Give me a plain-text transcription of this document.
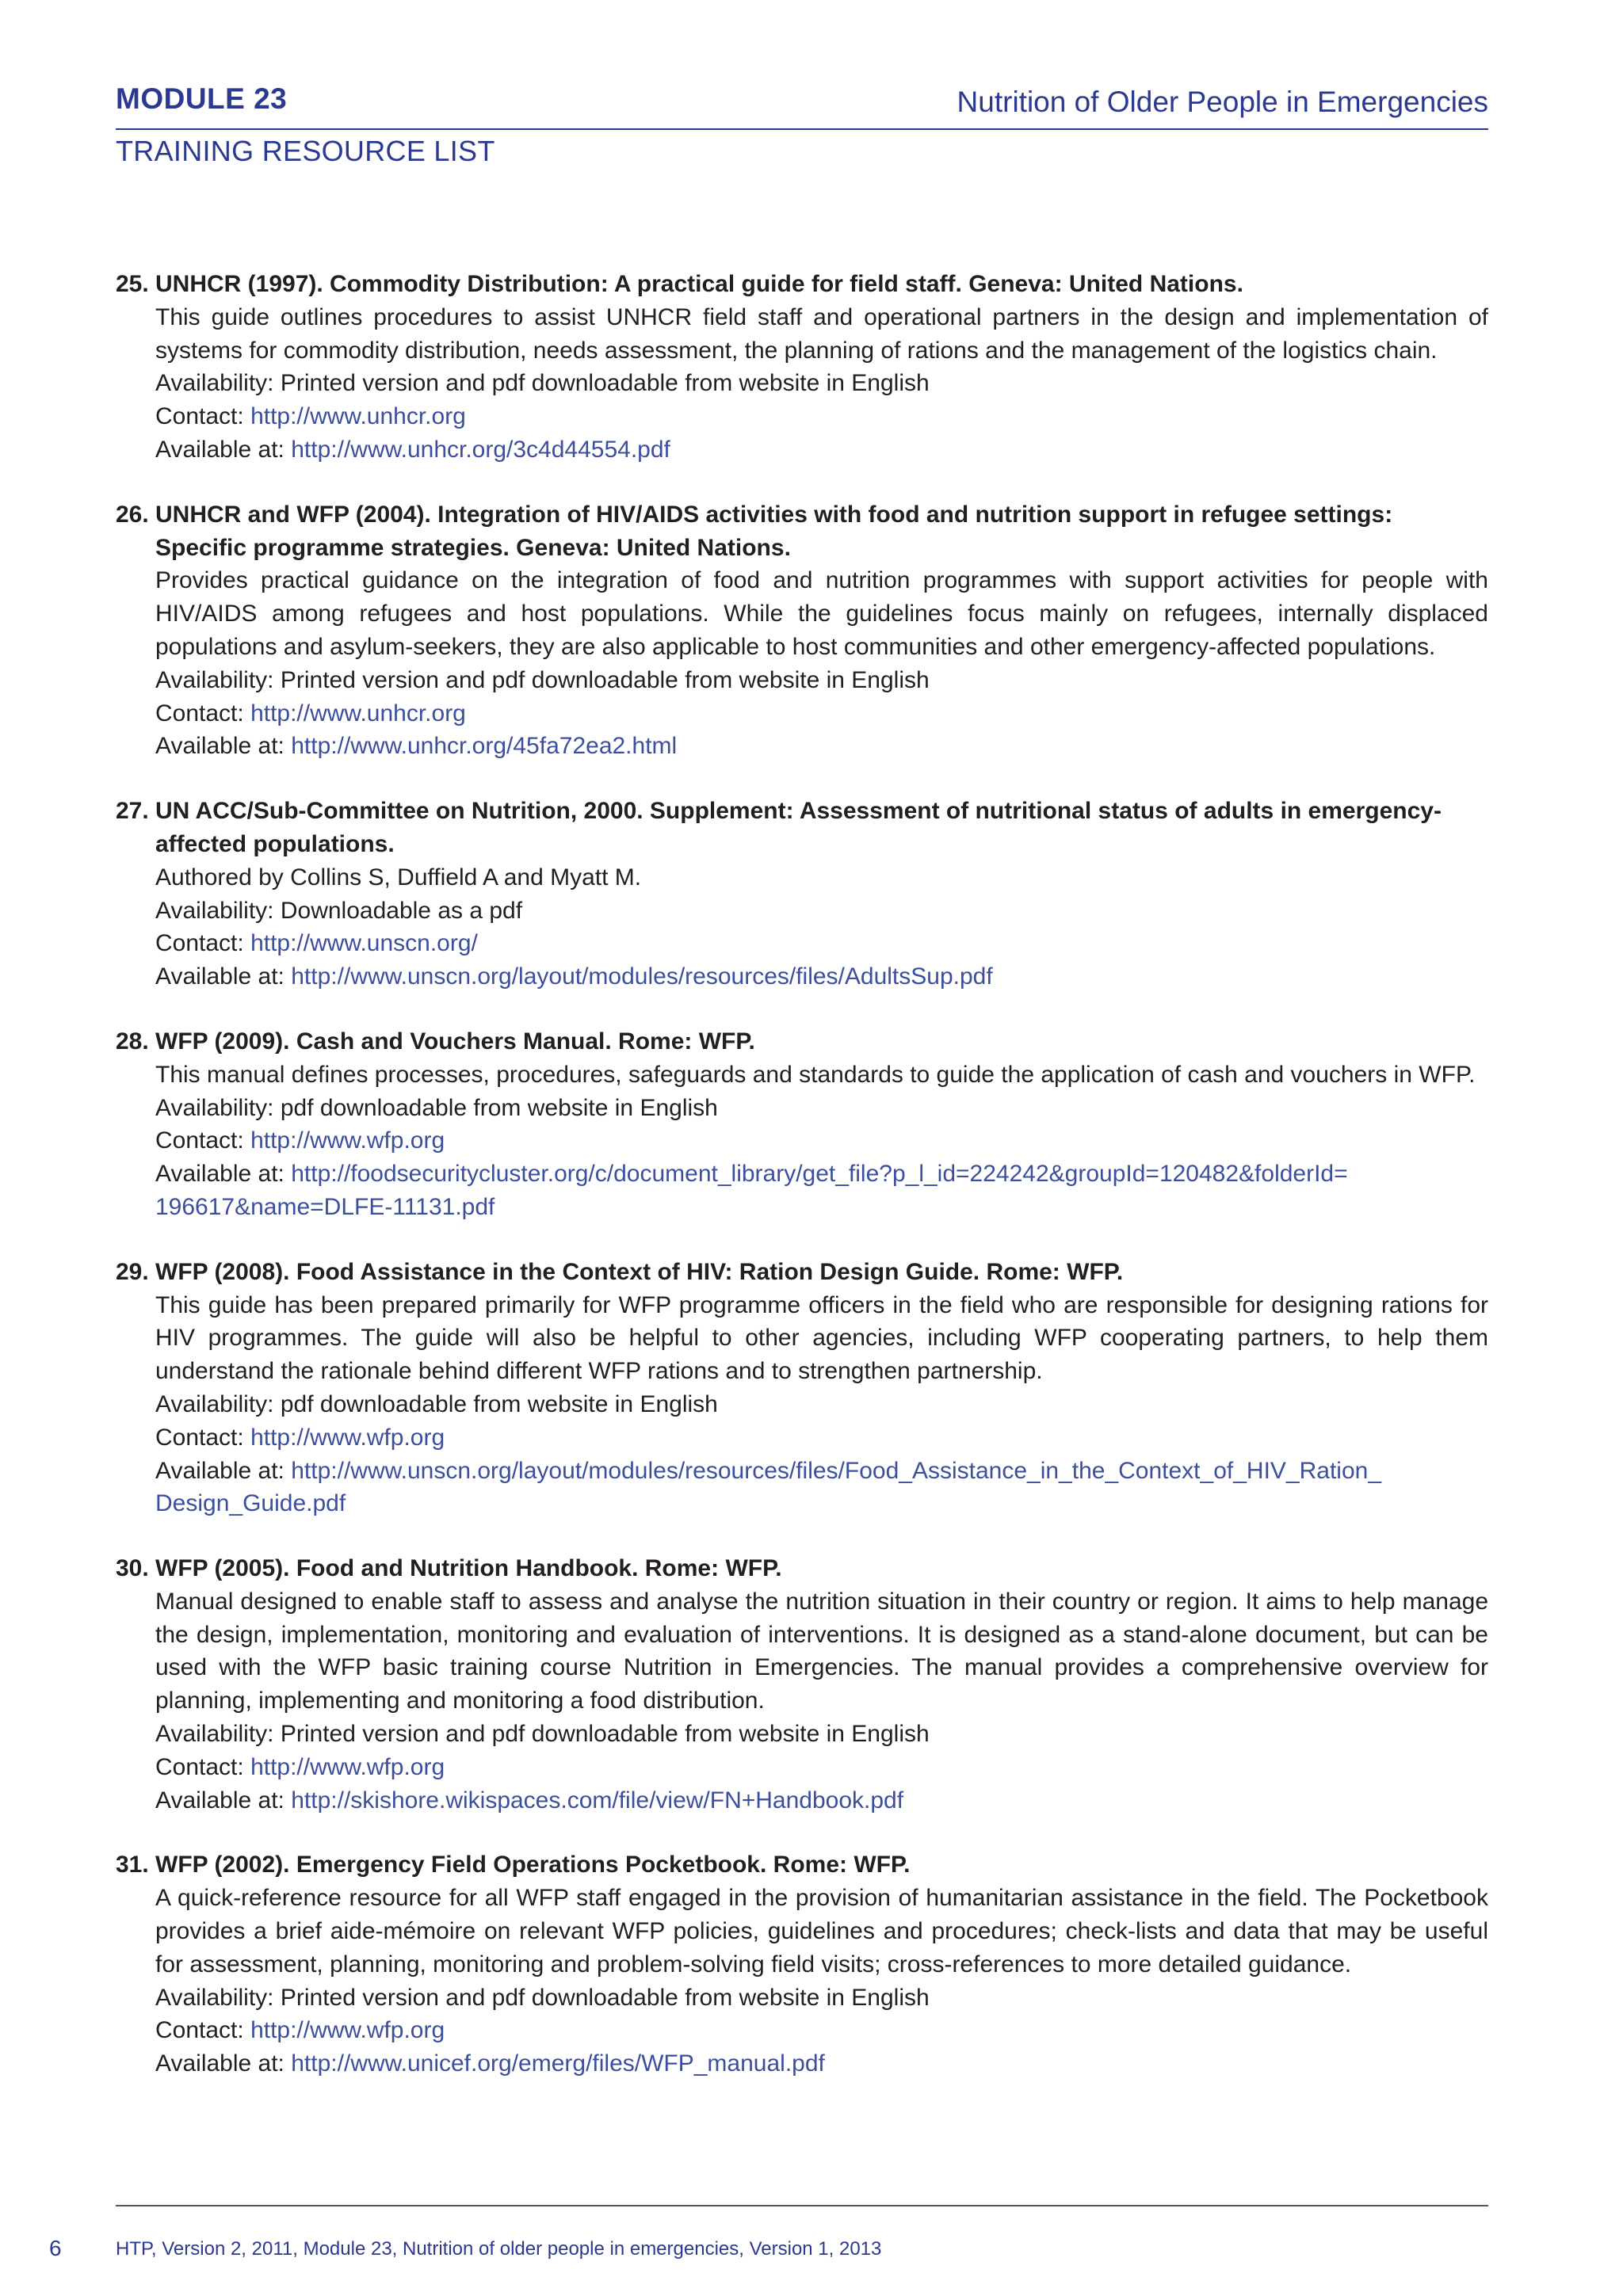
MODULE 23	Nutrition of Older People in Emergencies
TRAINING RESOURCE LIST
25. UNHCR (1997). Commodity Distribution: A practical guide for field staff. Geneva: United Nations.
This guide outlines procedures to assist UNHCR field staff and operational partners in the design and implementation of systems for commodity distribution, needs assessment, the planning of rations and the management of the logistics chain.
Availability: Printed version and pdf downloadable from website in English
Contact: http://www.unhcr.org
Available at: http://www.unhcr.org/3c4d44554.pdf
26. UNHCR and WFP (2004). Integration of HIV/AIDS activities with food and nutrition support in refugee settings: Specific programme strategies. Geneva: United Nations.
Provides practical guidance on the integration of food and nutrition programmes with support activities for people with HIV/AIDS among refugees and host populations. While the guidelines focus mainly on refugees, internally displaced populations and asylum-seekers, they are also applicable to host communities and other emergency-affected populations.
Availability: Printed version and pdf downloadable from website in English
Contact: http://www.unhcr.org
Available at: http://www.unhcr.org/45fa72ea2.html
27. UN ACC/Sub-Committee on Nutrition, 2000. Supplement: Assessment of nutritional status of adults in emergency-affected populations.
Authored by Collins S, Duffield A and Myatt M.
Availability: Downloadable as a pdf
Contact: http://www.unscn.org/
Available at: http://www.unscn.org/layout/modules/resources/files/AdultsSup.pdf
28. WFP (2009). Cash and Vouchers Manual. Rome: WFP.
This manual defines processes, procedures, safeguards and standards to guide the application of cash and vouchers in WFP.
Availability: pdf downloadable from website in English
Contact: http://www.wfp.org
Available at: http://foodsecuritycluster.org/c/document_library/get_file?p_l_id=224242&groupId=120482&folderId= 196617&name=DLFE-11131.pdf
29. WFP (2008). Food Assistance in the Context of HIV: Ration Design Guide. Rome: WFP.
This guide has been prepared primarily for WFP programme officers in the field who are responsible for designing rations for HIV programmes. The guide will also be helpful to other agencies, including WFP cooperating partners, to help them understand the rationale behind different WFP rations and to strengthen partnership.
Availability: pdf downloadable from website in English
Contact: http://www.wfp.org
Available at: http://www.unscn.org/layout/modules/resources/files/Food_Assistance_in_the_Context_of_HIV_Ration_ Design_Guide.pdf
30. WFP (2005). Food and Nutrition Handbook. Rome: WFP.
Manual designed to enable staff to assess and analyse the nutrition situation in their country or region. It aims to help manage the design, implementation, monitoring and evaluation of interventions. It is designed as a stand-alone document, but can be used with the WFP basic training course Nutrition in Emergencies. The manual provides a comprehensive overview for planning, implementing and monitoring a food distribution.
Availability: Printed version and pdf downloadable from website in English
Contact: http://www.wfp.org
Available at: http://skishore.wikispaces.com/file/view/FN+Handbook.pdf
31. WFP (2002). Emergency Field Operations Pocketbook. Rome: WFP.
A quick-reference resource for all WFP staff engaged in the provision of humanitarian assistance in the field. The Pocketbook provides a brief aide-mémoire on relevant WFP policies, guidelines and procedures; check-lists and data that may be useful for assessment, planning, monitoring and problem-solving field visits; cross-references to more detailed guidance.
Availability: Printed version and pdf downloadable from website in English
Contact: http://www.wfp.org
Available at: http://www.unicef.org/emerg/files/WFP_manual.pdf
6	HTP, Version 2, 2011, Module 23, Nutrition of older people in emergencies, Version 1, 2013
